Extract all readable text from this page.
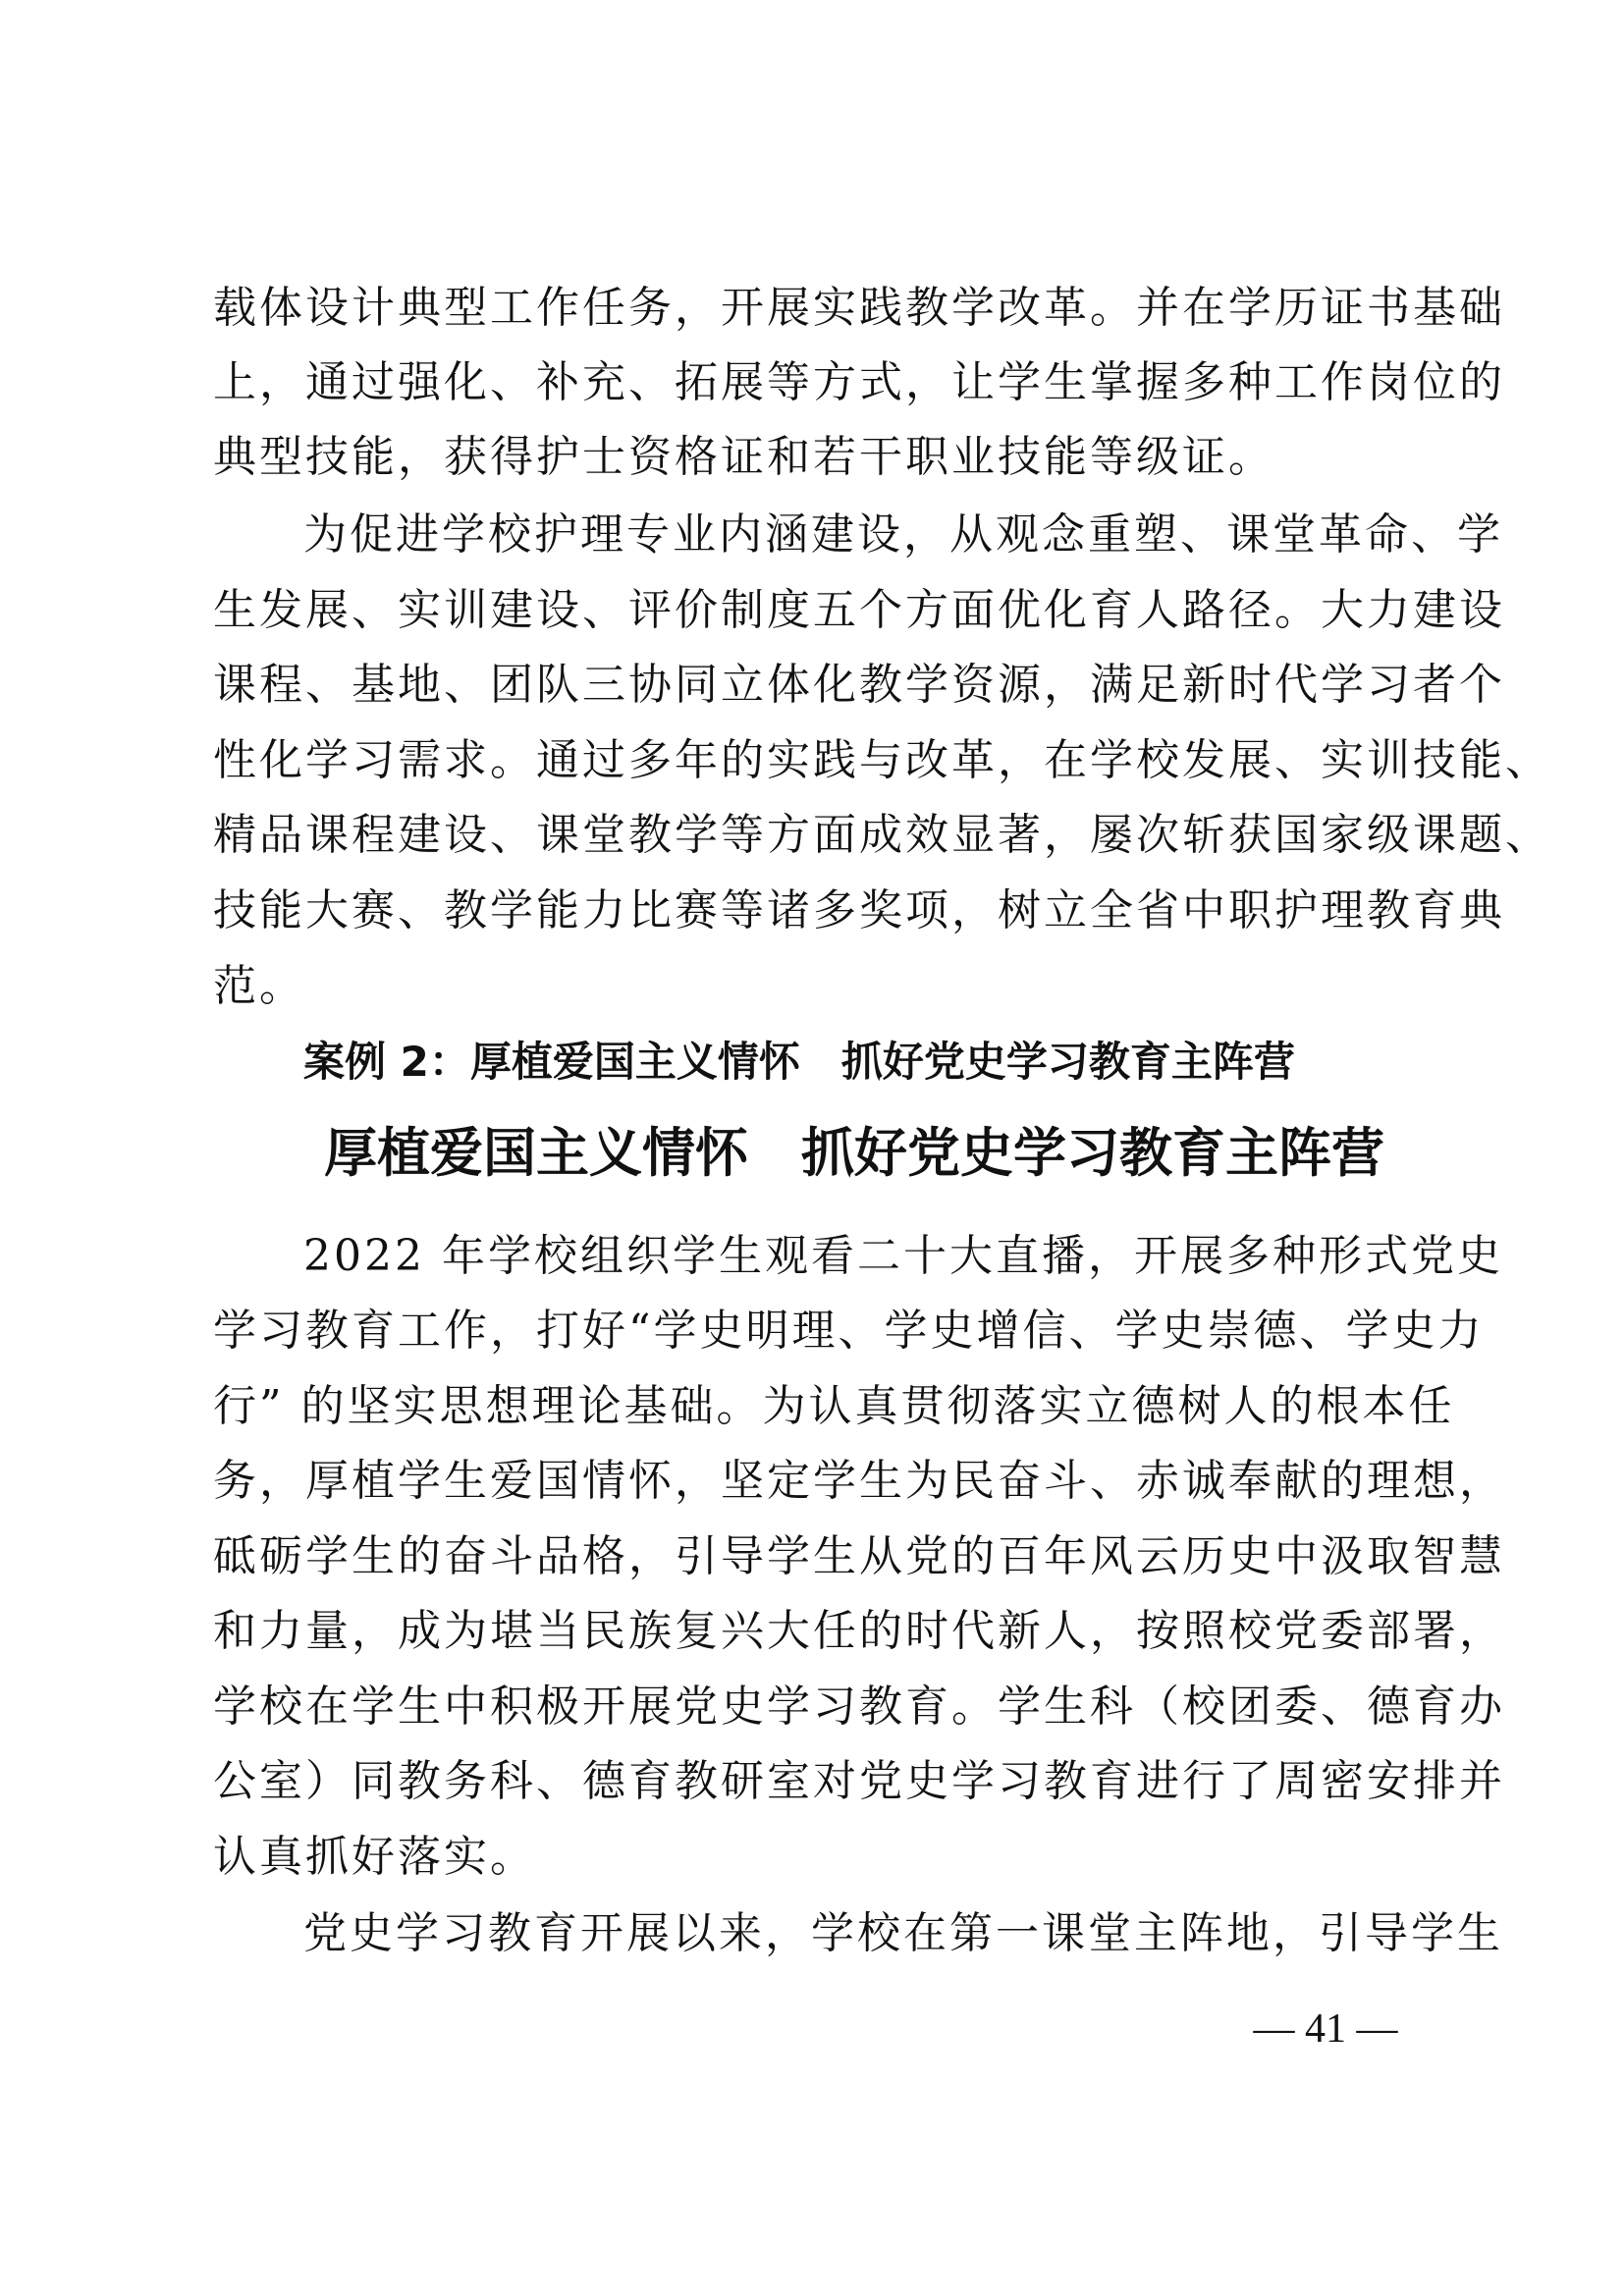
载体设计典型工作任务，开展实践教学改革。并在学历证书基础
上，通过强化、补充、拓展等方式，让学生掌握多种工作岗位的
典型技能，获得护士资格证和若干职业技能等级证。
为促进学校护理专业内涵建设，从观念重塑、课堂革命、学
生发展、实训建设、评价制度五个方面优化育人路径。大力建设
课程、基地、团队三协同立体化教学资源，满足新时代学习者个
性化学习需求。通过多年的实践与改革，在学校发展、实训技能、
精品课程建设、课堂教学等方面成效显著，屡次斩获国家级课题、
技能大赛、教学能力比赛等诸多奖项，树立全省中职护理教育典
范。
案例 2：厚植爱国主义情怀　抓好党史学习教育主阵营
厚植爱国主义情怀　抓好党史学习教育主阵营
2022 年学校组织学生观看二十大直播，开展多种形式党史
学习教育工作，打好“学史明理、学史增信、学史崇德、学史力
行” 的坚实思想理论基础。为认真贯彻落实立德树人的根本任
务，厚植学生爱国情怀，坚定学生为民奋斗、赤诚奉献的理想，
砥砺学生的奋斗品格，引导学生从党的百年风云历史中汲取智慧
和力量，成为堪当民族复兴大任的时代新人，按照校党委部署，
学校在学生中积极开展党史学习教育。学生科（校团委、德育办
公室）同教务科、德育教研室对党史学习教育进行了周密安排并
认真抓好落实。
党史学习教育开展以来，学校在第一课堂主阵地，引导学生
— 41 —
